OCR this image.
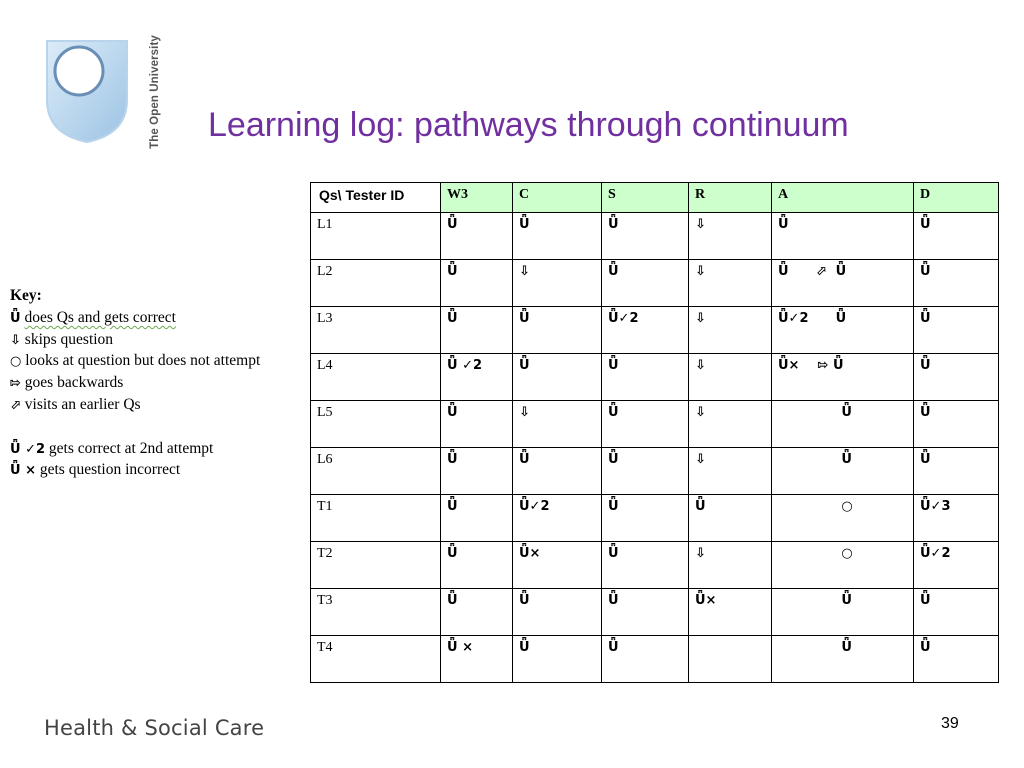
The Open University Learning log: pathways through continuum
Key:
Ǖ does Qs and gets correct
⇩ skips question
○ looks at question but does not attempt
⇰ goes backwards
⬀ visits an earlier Qs
Ǖ ✓2 gets correct at 2nd attempt
Ǖ × gets question incorrect
Qs\ Tester ID	W3	C	S	R	A	D
L1	Ǖ	Ǖ	Ǖ	⇩	Ǖ	Ǖ
L2	Ǖ	⇩	Ǖ	⇩	Ǖ      ⬀  Ǖ	Ǖ
L3	Ǖ	Ǖ	Ǖ✓2	⇩	Ǖ✓2      Ǖ	Ǖ
L4	Ǖ ✓2	Ǖ	Ǖ	⇩	Ǖ×    ⇰ Ǖ	Ǖ
L5	Ǖ	⇩	Ǖ	⇩	Ǖ	Ǖ
L6	Ǖ	Ǖ	Ǖ	⇩	Ǖ	Ǖ
T1	Ǖ	Ǖ✓2	Ǖ	Ǖ	○	Ǖ✓3
T2	Ǖ	Ǖ×	Ǖ	⇩	○	Ǖ✓2
T3	Ǖ	Ǖ	Ǖ	Ǖ×	Ǖ	Ǖ
T4	Ǖ ×	Ǖ	Ǖ		Ǖ	Ǖ
Health & Social Care	39
